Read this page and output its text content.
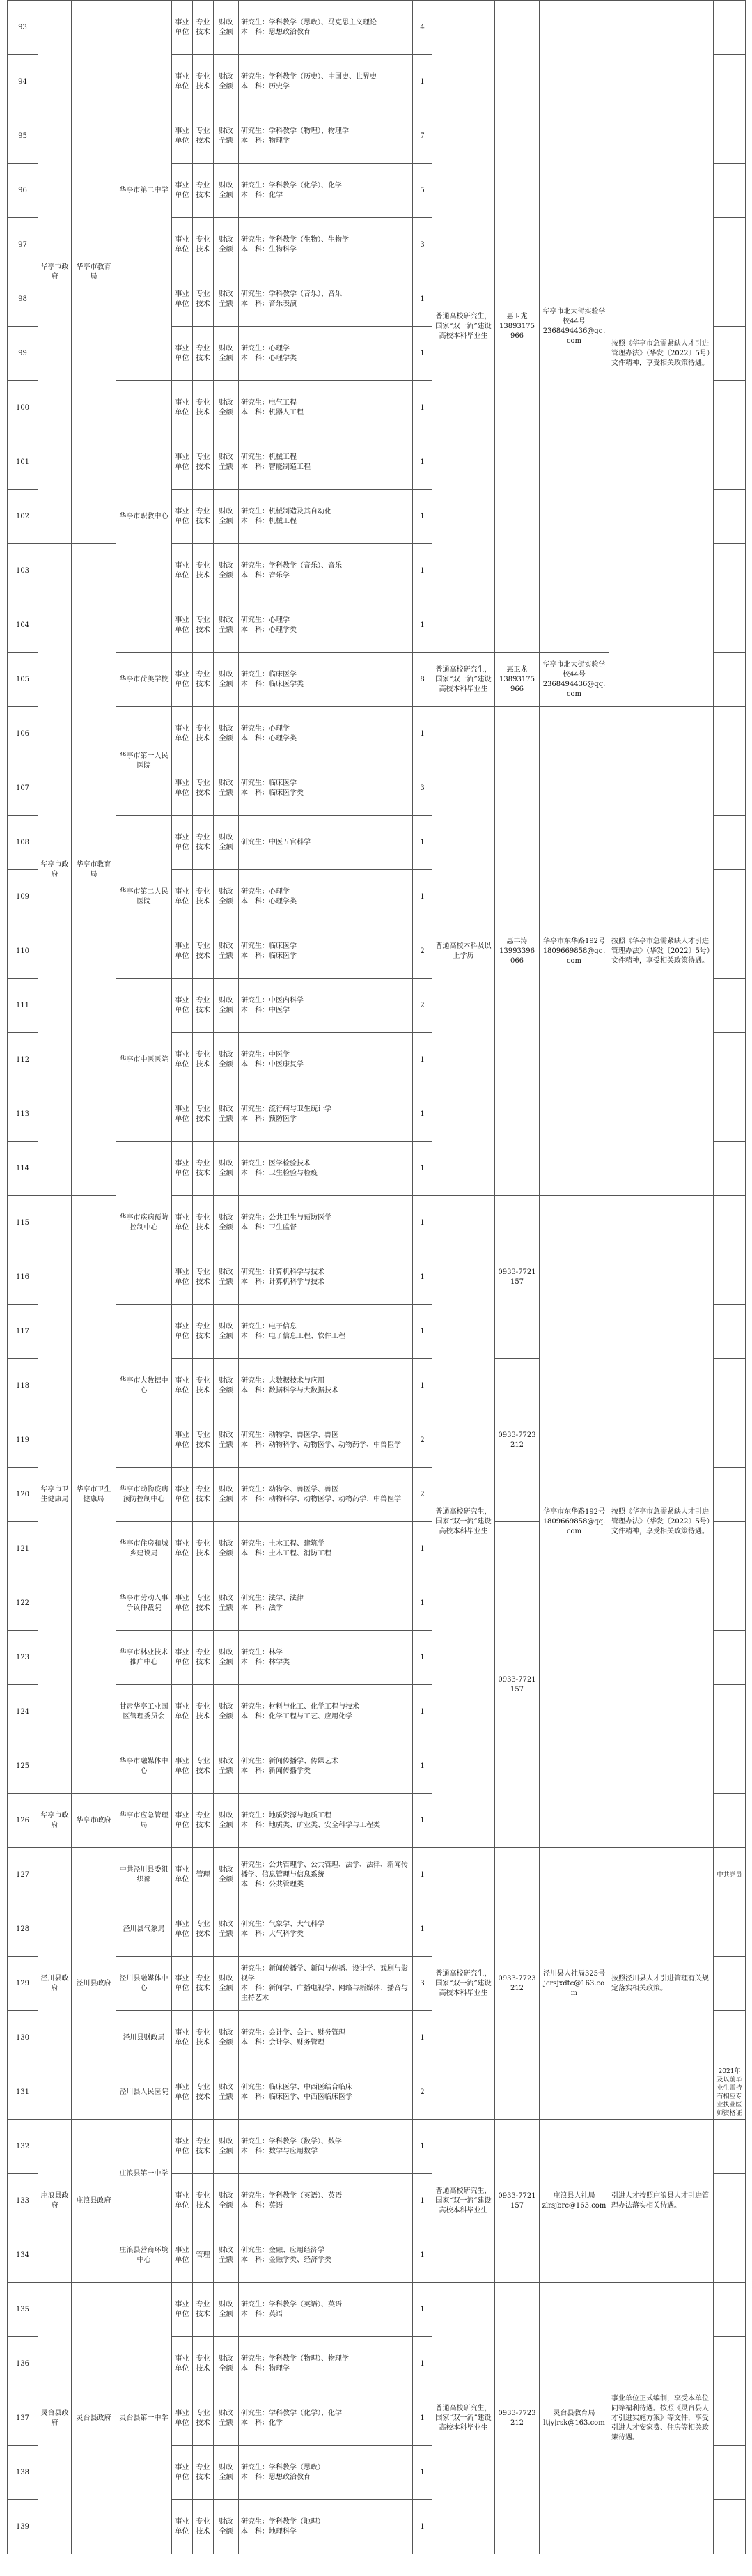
93	华亭市政府	华亭市教育局	华亭市第二中学	事业单位	专业技术	财政全额	研究生：学科教学（思政）、马克思主义理论
本　科：思想政治教育	4	普通高校研究生，国家“双一流”建设高校本科毕业生	惠卫龙
13893175966	华亭市北大街实验学校44号
2368494436@qq.com	按照《华亭市急需紧缺人才引进管理办法》（华发〔2022〕5号）文件精神，享受相关政策待遇。	
94				事业单位	专业技术	财政全额	研究生：学科教学（历史）、中国史、世界史
本　科：历史学	1					
95				事业单位	专业技术	财政全额	研究生：学科教学（物理）、物理学
本　科：物理学	7					
96				事业单位	专业技术	财政全额	研究生：学科教学（化学）、化学
本　科：化学	5					
97				事业单位	专业技术	财政全额	研究生：学科教学（生物）、生物学
本　科：生物科学	3					
98				事业单位	专业技术	财政全额	研究生：学科教学（音乐）、音乐
本　科：音乐表演	1					
99				事业单位	专业技术	财政全额	研究生：心理学
本　科：心理学类	1					
100			华亭市职教中心	事业单位	专业技术	财政全额	研究生：电气工程
本　科：机器人工程	1					
101				事业单位	专业技术	财政全额	研究生：机械工程
本　科：智能制造工程	1					
102				事业单位	专业技术	财政全额	研究生：机械制造及其自动化
本　科：机械工程	1					
103	华亭市政府	华亭市教育局		事业单位	专业技术	财政全额	研究生：学科教学（音乐）、音乐
本　科：音乐学	1					
104				事业单位	专业技术	财政全额	研究生：心理学
本　科：心理学类	1					
105			华亭市荷美学校	事业单位	专业技术	财政全额	研究生：临床医学
本　科：临床医学类	8	普通高校研究生，国家“双一流”建设高校本科毕业生	惠卫龙
13893175966	华亭市北大街实验学校44号
2368494436@qq.com		
106			华亭市第一人民医院	事业单位	专业技术	财政全额	研究生：心理学
本　科：心理学类	1	普通高校本科及以上学历	惠丰涛
13993396066	华亭市东华路192号
1809669858@qq.com	按照《华亭市急需紧缺人才引进管理办法》（华发〔2022〕5号）文件精神，享受相关政策待遇。	
107				事业单位	专业技术	财政全额	研究生：临床医学
本　科：临床医学类	3					
108			华亭市第二人民医院	事业单位	专业技术	财政全额	研究生：中医五官科学	1					
109				事业单位	专业技术	财政全额	研究生：心理学
本　科：心理学类	1					
110				事业单位	专业技术	财政全额	研究生：临床医学
本　科：临床医学	2					
111			华亭市中医医院	事业单位	专业技术	财政全额	研究生：中医内科学
本　科：中医学	2					
112				事业单位	专业技术	财政全额	研究生：中医学
本　科：中医康复学	1					
113				事业单位	专业技术	财政全额	研究生：流行病与卫生统计学
本　科：预防医学	1					
114			华亭市疾病预防控制中心	事业单位	专业技术	财政全额	研究生：医学检验技术
本　科：卫生检验与检疫	1					
115	华亭市卫生健康局	华亭市卫生健康局		事业单位	专业技术	财政全额	研究生：公共卫生与预防医学
本　科：卫生监督	1	普通高校研究生，国家“双一流”建设高校本科毕业生	0933-7721157	华亭市东华路192号
1809669858@qq.com	按照《华亭市急需紧缺人才引进管理办法》（华发〔2022〕5号）文件精神，享受相关政策待遇。	
116				事业单位	专业技术	财政全额	研究生：计算机科学与技术
本　科：计算机科学与技术	1					
117			华亭市大数据中心	事业单位	专业技术	财政全额	研究生：电子信息
本　科：电子信息工程、软件工程	1					
118				事业单位	专业技术	财政全额	研究生：大数据技术与应用
本　科：数据科学与大数据技术	1		0933-7723212			
119				事业单位	专业技术	财政全额	研究生：动物学、兽医学、兽医
本　科：动物科学、动物医学、动物药学、中兽医学	2					
120			华亭市动物疫病预防控制中心	事业单位	专业技术	财政全额	研究生：动物学、兽医学、兽医
本　科：动物科学、动物医学、动物药学、中兽医学	2					
121			华亭市住房和城乡建设局	事业单位	专业技术	财政全额	研究生：土木工程、建筑学
本　科：土木工程、消防工程	1		0933-7721157			
122			华亭市劳动人事争议仲裁院	事业单位	专业技术	财政全额	研究生：法学、法律
本　科：法学	1					
123			华亭市林业技术推广中心	事业单位	专业技术	财政全额	研究生：林学
本　科：林学类	1					
124			甘肃华亭工业园区管理委员会	事业单位	专业技术	财政全额	研究生：材料与化工、化学工程与技术
本　科：化学工程与工艺、应用化学	1					
125			华亭市融媒体中心	事业单位	专业技术	财政全额	研究生：新闻传播学、传媒艺术
本　科：新闻传播学类	1					
126	华亭市政府	华亭市政府	华亭市应急管理局	事业单位	专业技术	财政全额	研究生：地质资源与地质工程
本　科：地质类、矿业类、安全科学与工程类	1					
127	泾川县政府	泾川县政府	中共泾川县委组织部	事业单位	管理	财政全额	研究生：公共管理学、公共管理、法学、法律、新闻传播学、信息管理与信息系统
本　科：公共管理类	1	普通高校研究生，国家“双一流”建设高校本科毕业生	0933-7723212	泾川县人社局325号
jcrsjxdtc@163.com	按照泾川县人才引进管理有关规定落实相关政策。	中共党员
128			泾川县气象局	事业单位	专业技术	财政全额	研究生：气象学、大气科学
本　科：大气科学类	1					
129			泾川县融媒体中心	事业单位	专业技术	财政全额	研究生：新闻传播学、新闻与传播、设计学、戏剧与影视学
本　科：新闻学、广播电视学、网络与新媒体、播音与主持艺术	3					
130			泾川县财政局	事业单位	专业技术	财政全额	研究生：会计学、会计、财务管理
本　科：会计学、财务管理	1					
131			泾川县人民医院	事业单位	专业技术	财政全额	研究生：临床医学、中西医结合临床
本　科：临床医学、中西医临床医学	2					2021年及以前毕业生需持有相应专业执业医师资格证
132	庄浪县政府	庄浪县政府	庄浪县第一中学	事业单位	专业技术	财政全额	研究生：学科教学（数学）、数学
本　科：数学与应用数学	1	普通高校研究生，国家“双一流”建设高校本科毕业生	0933-7721157	庄浪县人社局
zlrsjbrc@163.com	引进人才按照庄浪县人才引进管理办法落实相关待遇。	
133				事业单位	专业技术	财政全额	研究生：学科教学（英语）、英语
本　科：英语	1					
134			庄浪县营商环境中心	事业单位	管理	财政全额	研究生：金融、应用经济学
本　科：金融学类、经济学类	1					
135	灵台县政府	灵台县政府	灵台县第一中学	事业单位	专业技术	财政全额	研究生：学科教学（英语）、英语
本　科：英语	1	普通高校研究生，国家“双一流”建设高校本科毕业生	0933-7723212	灵台县教育局
ltjyjrsk@163.com	事业单位正式编制，享受本单位同等福利待遇。按照《灵台县人才引进实施方案》等文件，享受引进人才安家费、住房等相关政策待遇。	
136				事业单位	专业技术	财政全额	研究生：学科教学（物理）、物理学
本　科：物理学	1					
137				事业单位	专业技术	财政全额	研究生：学科教学（化学）、化学
本　科：化学	1					
138				事业单位	专业技术	财政全额	研究生：学科教学（思政）
本　科：思想政治教育	1					
139				事业单位	专业技术	财政全额	研究生：学科教学（地理）
本　科：地理科学	1					
